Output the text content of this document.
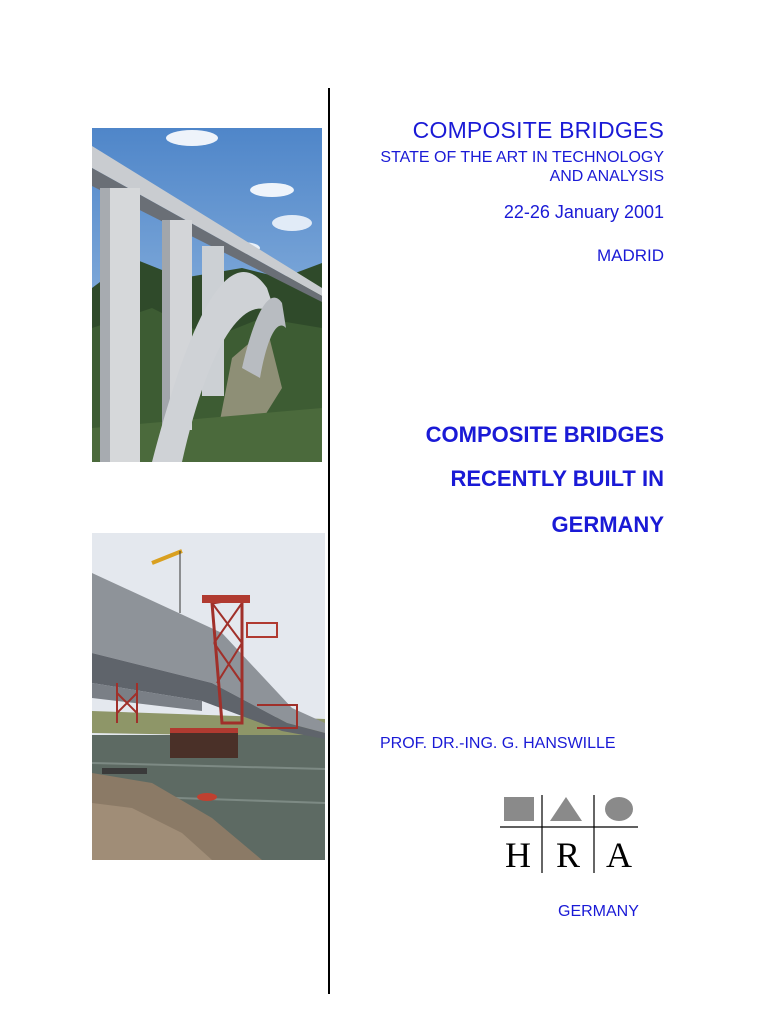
COMPOSITE BRIDGES
STATE OF THE ART IN TECHNOLOGY
AND ANALYSIS
22-26 January 2001
MADRID
COMPOSITE BRIDGES
RECENTLY BUILT IN
GERMANY
PROF. DR.-ING. G. HANSWILLE
H R A
GERMANY
